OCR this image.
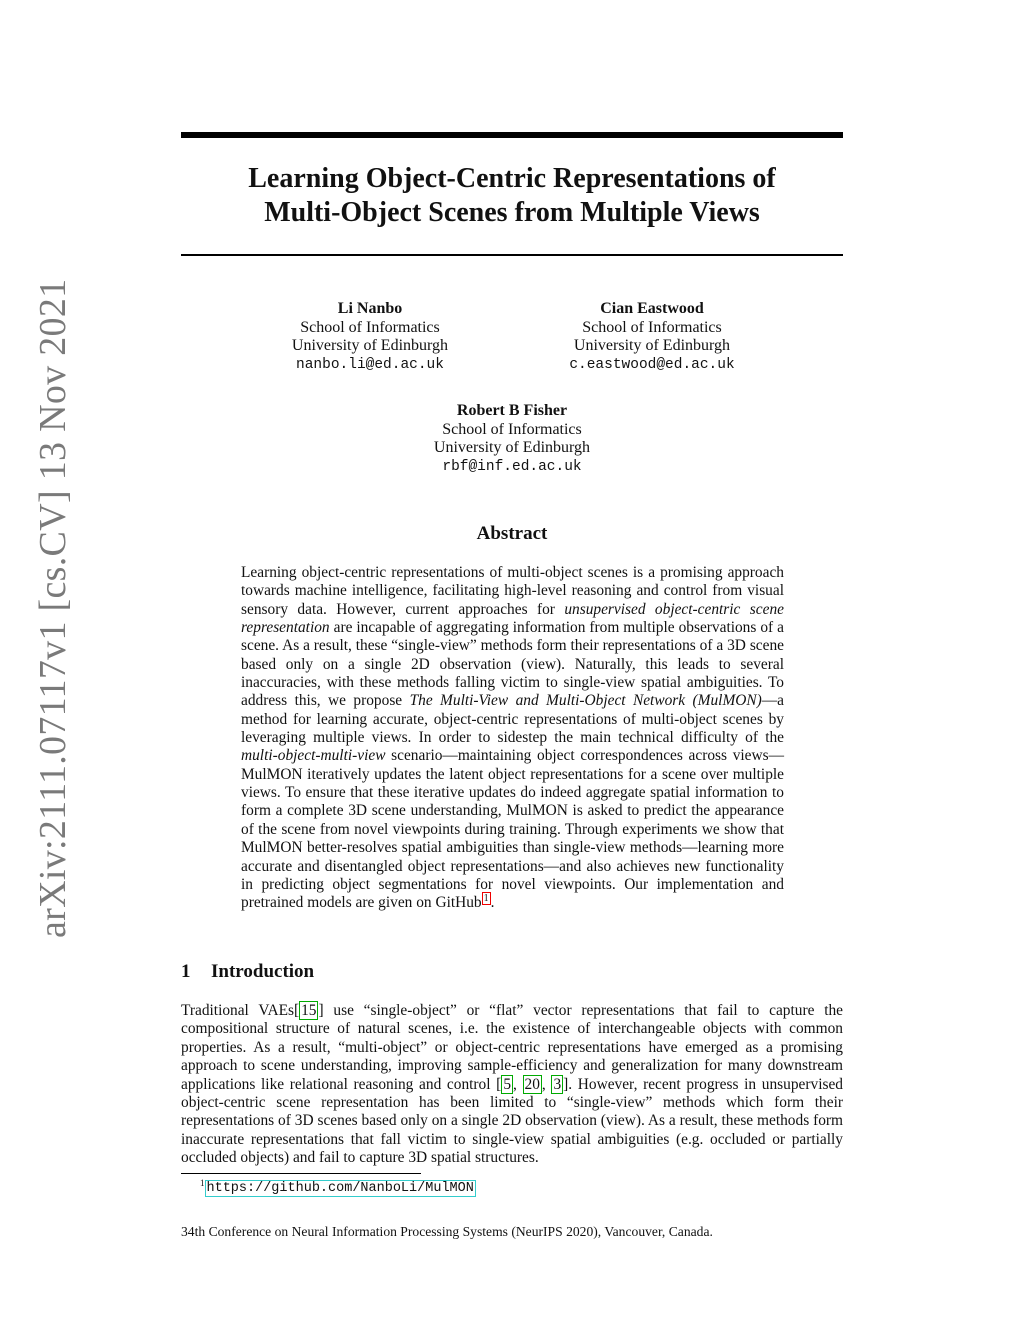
arXiv:2111.07117v1 [cs.CV] 13 Nov 2021
Learning Object-Centric Representations of
Multi-Object Scenes from Multiple Views
Li Nanbo
School of Informatics
University of Edinburgh
nanbo.li@ed.ac.uk
Cian Eastwood
School of Informatics
University of Edinburgh
c.eastwood@ed.ac.uk
Robert B Fisher
School of Informatics
University of Edinburgh
rbf@inf.ed.ac.uk
Abstract
Learning object-centric representations of multi-object scenes is a promising approach towards machine intelligence, facilitating high-level reasoning and control from visual sensory data. However, current approaches for unsupervised object-centric scene representation are incapable of aggregating information from multiple observations of a scene. As a result, these “single-view” methods form their representations of a 3D scene based only on a single 2D observation (view). Naturally, this leads to several inaccuracies, with these methods falling victim to single-view spatial ambiguities. To address this, we propose The Multi-View and Multi-Object Network (MulMON)—a method for learning accurate, object-centric representations of multi-object scenes by leveraging multiple views. In order to sidestep the main technical difficulty of the multi-object-multi-view scenario—maintaining object correspondences across views—MulMON iteratively updates the latent object representations for a scene over multiple views. To ensure that these iterative updates do indeed aggregate spatial information to form a complete 3D scene understanding, MulMON is asked to predict the appearance of the scene from novel viewpoints during training. Through experiments we show that MulMON better-resolves spatial ambiguities than single-view methods—learning more accurate and disentangled object representations—and also achieves new functionality in predicting object segmentations for novel viewpoints. Our implementation and pretrained models are given on GitHub $^1$ .
1 Introduction
Traditional VAEs[ 15 ] use “single-object” or “flat” vector representations that fail to capture the compositional structure of natural scenes, i.e. the existence of interchangeable objects with common properties. As a result, “multi-object” or object-centric representations have emerged as a promising approach to scene understanding, improving sample-efficiency and generalization for many downstream applications like relational reasoning and control [ 5 , 20 , 3 ]. However, recent progress in unsupervised object-centric scene representation has been limited to “single-view” methods which form their representations of 3D scenes based only on a single 2D observation (view). As a result, these methods form inaccurate representations that fall victim to single-view spatial ambiguities (e.g. occluded or partially occluded objects) and fail to capture 3D spatial structures.
$^1$ https://github.com/NanboLi/MulMON
34th Conference on Neural Information Processing Systems (NeurIPS 2020), Vancouver, Canada.
